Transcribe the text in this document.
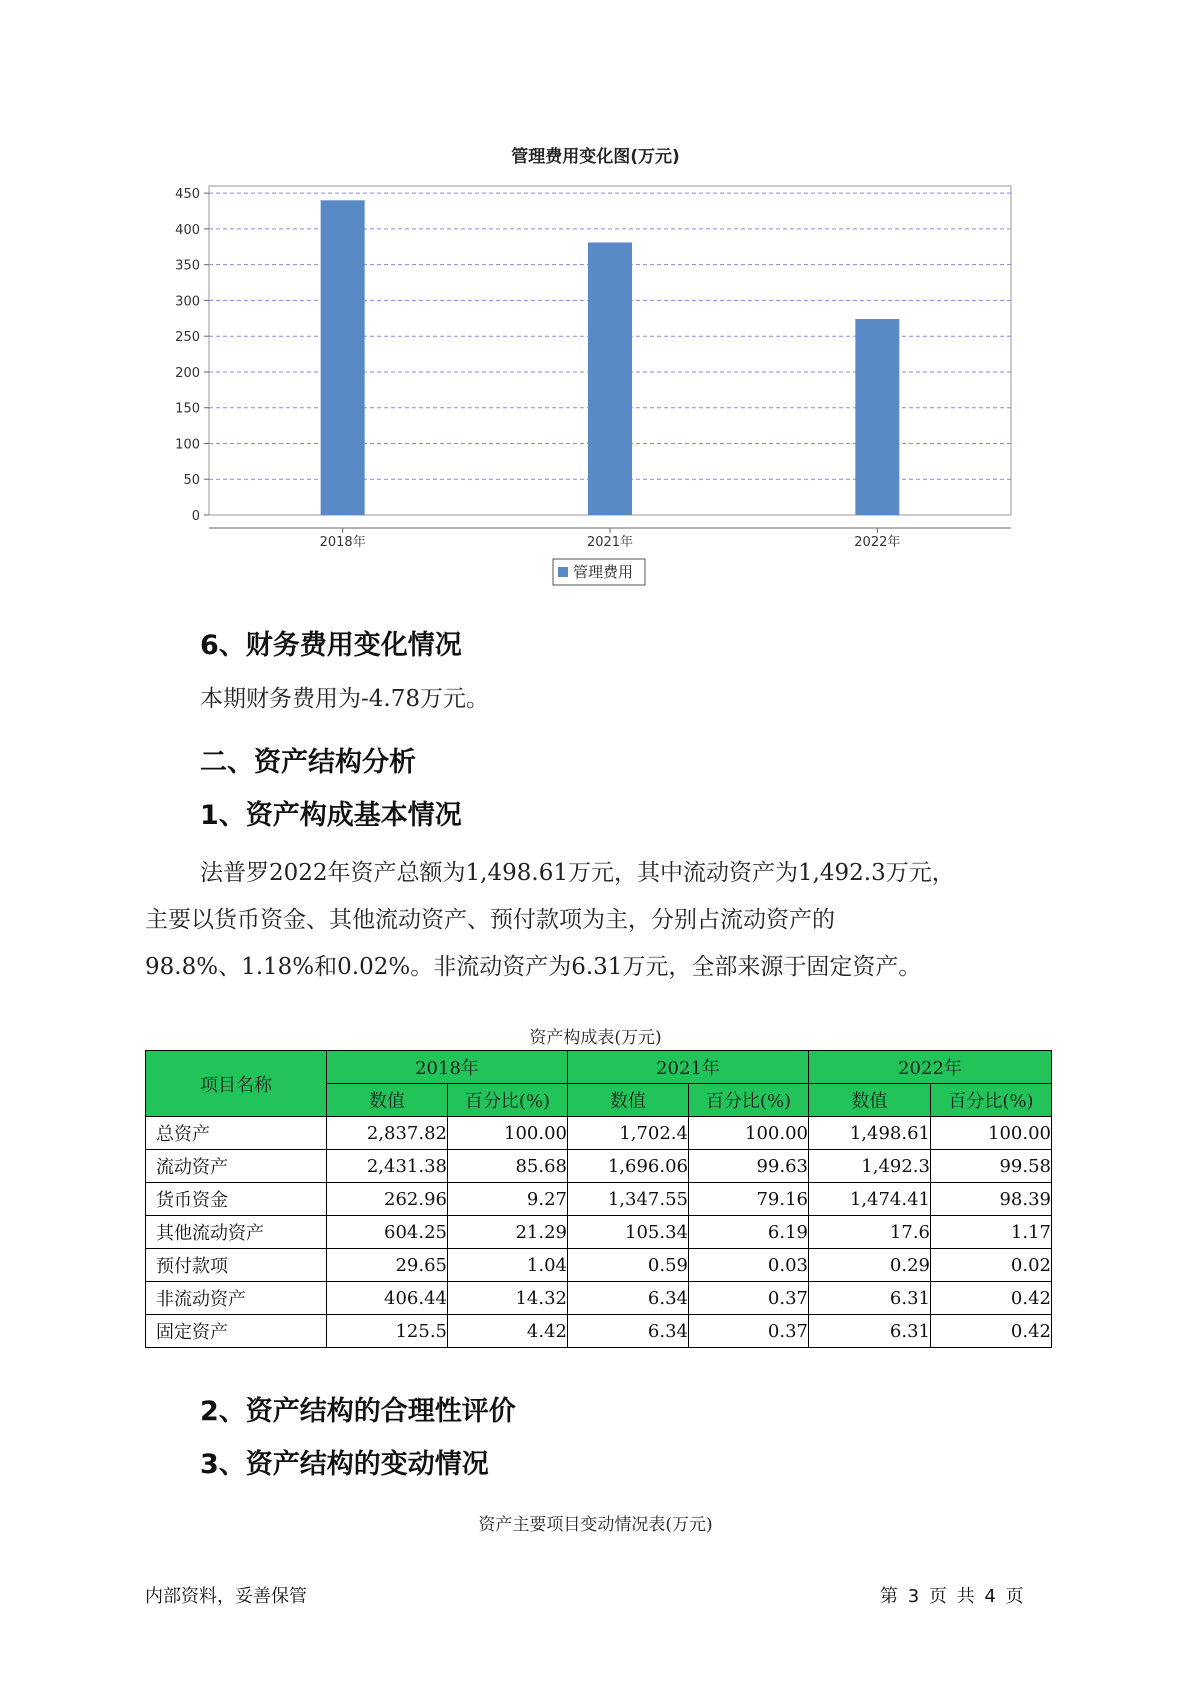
管理费用变化图(万元)
0
50
100
150
200
250
300
350
400
450
2018年	2021年	2022年
管理费用
6、财务费用变化情况
本期财务费用为-4.78万元。
二、资产结构分析
1、资产构成基本情况
法普罗2022年资产总额为1,498.61万元，其中流动资产为1,492.3万元，
主要以货币资金、其他流动资产、预付款项为主，分别占流动资产的
98.8%、1.18%和0.02%。非流动资产为6.31万元，全部来源于固定资产。
资产构成表(万元)
项目名称	2018年		2021年		2022年	
	数值	百分比(%)	数值	百分比(%)	数值	百分比(%)
总资产	2,837.82	100.00	1,702.4	100.00	1,498.61	100.00
流动资产	2,431.38	85.68	1,696.06	99.63	1,492.3	99.58
货币资金	262.96	9.27	1,347.55	79.16	1,474.41	98.39
其他流动资产	604.25	21.29	105.34	6.19	17.6	1.17
预付款项	29.65	1.04	0.59	0.03	0.29	0.02
非流动资产	406.44	14.32	6.34	0.37	6.31	0.42
固定资产	125.5	4.42	6.34	0.37	6.31	0.42
2、资产结构的合理性评价
3、资产结构的变动情况
资产主要项目变动情况表(万元)
内部资料，妥善保管	第 3 页 共 4 页
